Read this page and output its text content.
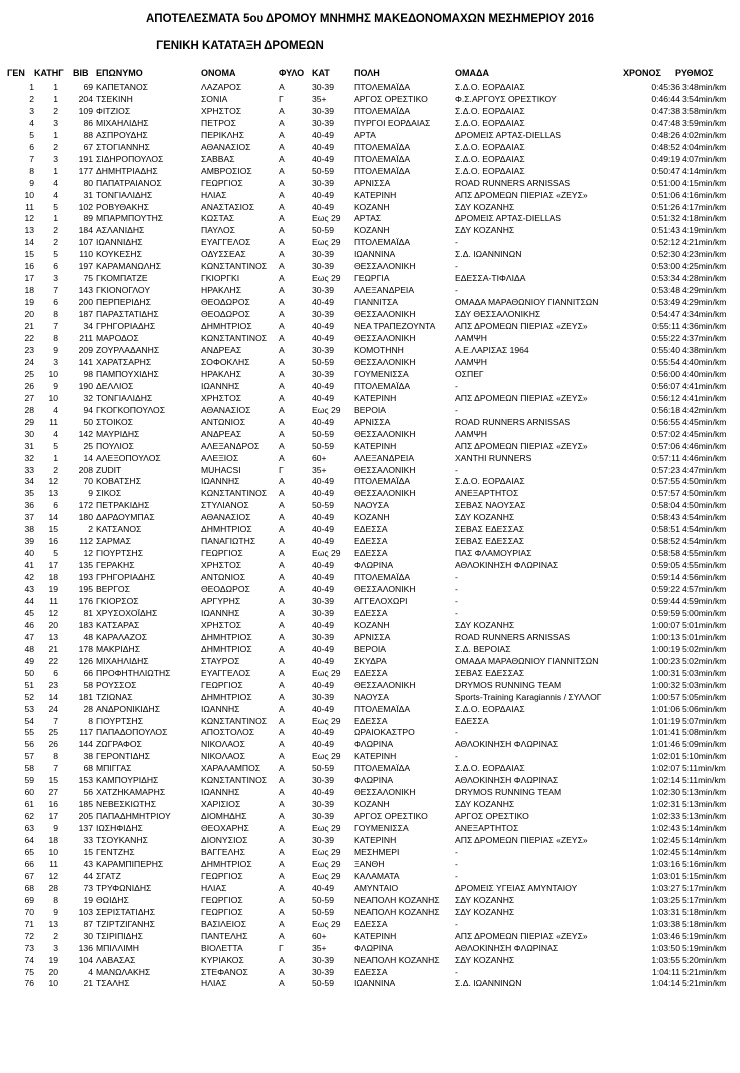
ΑΠΟΤΕΛΕΣΜΑΤΑ 5ου ΔΡΟΜΟΥ ΜΝΗΜΗΣ ΜΑΚΕΔΟΝΟΜΑΧΩΝ ΜΕΣΗΜΕΡΙΟΥ 2016
ΓΕΝΙΚΗ ΚΑΤΑΤΑΞΗ ΔΡΟΜΕΩΝ
ΓΕΝ ΚΑΤΗΓ ΒΙΒ ΕΠΩΝΥΜΟ	ΟΝΟΜΑ	ΦΥΛΟ ΚΑΤ	ΠΟΛΗ	ΟΜΑΔΑ	ΧΡΟΝΟΣ ΡΥΘΜΟΣ
1	1	69 ΚΑΠΕΤΑΝΟΣ	ΛΑΖΑΡΟΣ	Α	30-39	ΠΤΟΛΕΜΑΪΔΑ	Σ.Δ.Ο. ΕΟΡΔΑΙΑΣ	0:45:36 3:48min/km
2	1	204 ΤΣΕΚΙΝΗ	ΣΟΝΙΑ	Γ	35+	ΑΡΓΟΣ ΟΡΕΣΤΙΚΟ	Φ.Σ.ΑΡΓΟΥΣ ΟΡΕΣΤΙΚΟΥ	0:46:44 3:54min/km
3	2	109 ΦΙΤΖΙΟΣ	ΧΡΗΣΤΟΣ	Α	30-39	ΠΤΟΛΕΜΑΪΔΑ	Σ.Δ.Ο. ΕΟΡΔΑΙΑΣ	0:47:38 3:58min/km
4	3	86 ΜΙΧΑΗΛΙΔΗΣ	ΠΕΤΡΟΣ	Α	30-39	ΠΥΡΓΟΙ ΕΟΡΔΑΙΑΣ	Σ.Δ.Ο. ΕΟΡΔΑΙΑΣ	0:47:48 3:59min/km
5	1	88 ΑΣΠΡΟΥΔΗΣ	ΠΕΡΙΚΛΗΣ	Α	40-49	ΑΡΤΑ	ΔΡΟΜΕΙΣ ΑΡΤΑΣ-DIELLAS	0:48:26 4:02min/km
6	2	67 ΣΤΟΓΙΑΝΝΗΣ	ΑΘΑΝΑΣΙΟΣ	Α	40-49	ΠΤΟΛΕΜΑΪΔΑ	Σ.Δ.Ο. ΕΟΡΔΑΙΑΣ	0:48:52 4:04min/km
7	3	191 ΣΙΔΗΡΟΠΟΥΛΟΣ	ΣΑΒΒΑΣ	Α	40-49	ΠΤΟΛΕΜΑΪΔΑ	Σ.Δ.Ο. ΕΟΡΔΑΙΑΣ	0:49:19 4:07min/km
8	1	177 ΔΗΜΗΤΡΙΑΔΗΣ	ΑΜΒΡΟΣΙΟΣ	Α	50-59	ΠΤΟΛΕΜΑΪΔΑ	Σ.Δ.Ο. ΕΟΡΔΑΙΑΣ	0:50:47 4:14min/km
9	4	80 ΠΑΠΑΤΡΑΙΑΝΟΣ	ΓΕΩΡΓΙΟΣ	Α	30-39	ΑΡΝΙΣΣΑ	ROAD RUNNERS ARNISSAS	0:51:00 4:15min/km
10	4	31 ΤΟΝΓΙΑΛΙΔΗΣ	ΗΛΙΑΣ	Α	40-49	ΚΑΤΕΡΙΝΗ	ΑΠΣ ΔΡΟΜΕΩΝ ΠΙΕΡΙΑΣ «ΖΕΥΣ»	0:51:06 4:16min/km
11	5	102 ΡΟΒΥΘΑΚΗΣ	ΑΝΑΣΤΑΣΙΟΣ	Α	40-49	ΚΟΖΑΝΗ	ΣΔΥ ΚΟΖΑΝΗΣ	0:51:26 4:17min/km
12	1	89 ΜΠΑΡΜΠΟΥΤΗΣ	ΚΩΣΤΑΣ	Α	Εως 29	ΑΡΤΑΣ	ΔΡΟΜΕΙΣ ΑΡΤΑΣ-DIELLAS	0:51:32 4:18min/km
13	2	184 ΑΣΛΑΝΙΔΗΣ	ΠΑΥΛΟΣ	Α	50-59	ΚΟΖΑΝΗ	ΣΔΥ ΚΟΖΑΝΗΣ	0:51:43 4:19min/km
14	2	107 ΙΩΑΝΝΙΔΗΣ	ΕΥΑΓΓΕΛΟΣ	Α	Εως 29	ΠΤΟΛΕΜΑΪΔΑ	-	0:52:12 4:21min/km
15	5	110 ΚΟΥΚΕΣΗΣ	ΟΔΥΣΣΕΑΣ	Α	30-39	ΙΩΑΝΝΙΝΑ	Σ.Δ. ΙΩΑΝΝΙΝΩΝ	0:52:30 4:23min/km
16	6	197 ΚΑΡΑΜΑΝΩΛΗΣ	ΚΩΝΣΤΑΝΤΙΝΟΣ	Α	30-39	ΘΕΣΣΑΛΟΝΙΚΗ	-	0:53:00 4:25min/km
17	3	75 ΓΚΟΜΠΑΤΖΕ	ΓΚΙΟΡΓΚΙ	Α	Εως 29	ΓΕΩΡΓΙΑ	ΕΔΕΣΣΑ-ΤΙΦΛΙΔΑ	0:53:34 4:28min/km
18	7	143 ΓΚΙΟΝΟΓΛΟΥ	ΗΡΑΚΛΗΣ	Α	30-39	ΑΛΕΞΑΝΔΡΕΙΑ	-	0:53:48 4:29min/km
19	6	200 ΠΕΡΠΕΡΙΔΗΣ	ΘΕΟΔΩΡΟΣ	Α	40-49	ΓΙΑΝΝΙΤΣΑ	ΟΜΑΔΑ ΜΑΡΑΘΩΝΙΟΥ ΓΙΑΝΝΙΤΣΩΝ	0:53:49 4:29min/km
20	8	187 ΠΑΡΑΣΤΑΤΙΔΗΣ	ΘΕΟΔΩΡΟΣ	Α	30-39	ΘΕΣΣΑΛΟΝΙΚΗ	ΣΔΥ ΘΕΣΣΑΛΟΝΙΚΗΣ	0:54:47 4:34min/km
21	7	34 ΓΡΗΓΟΡΙΑΔΗΣ	ΔΗΜΗΤΡΙΟΣ	Α	40-49	ΝΕΑ ΤΡΑΠΕΖΟΥΝΤΑ	ΑΠΣ ΔΡΟΜΕΩΝ ΠΙΕΡΙΑΣ «ΖΕΥΣ»	0:55:11 4:36min/km
22	8	211 ΜΑΡΟΔΟΣ	ΚΩΝΣΤΑΝΤΙΝΟΣ	Α	40-49	ΘΕΣΣΑΛΟΝΙΚΗ	ΛΑΜΨΗ	0:55:22 4:37min/km
23	9	209 ΖΟΥΡΛΑΔΑΝΗΣ	ΑΝΔΡΕΑΣ	Α	30-39	ΚΟΜΟΤΗΝΗ	Α.Ε.ΛΑΡΙΣΑΣ 1964	0:55:40 4:38min/km
24	3	141 ΧΑΡΑΤΣΑΡΗΣ	ΣΟΦΟΚΛΗΣ	Α	50-59	ΘΕΣΣΑΛΟΝΙΚΗ	ΛΑΜΨΗ	0:55:54 4:40min/km
25	10	98 ΠΑΜΠΟΥΧΙΔΗΣ	ΗΡΑΚΛΗΣ	Α	30-39	ΓΟΥΜΕΝΙΣΣΑ	ΟΣΠΕΓ	0:56:00 4:40min/km
26	9	190 ΔΕΛΛΙΟΣ	ΙΩΑΝΝΗΣ	Α	40-49	ΠΤΟΛΕΜΑΪΔΑ	-	0:56:07 4:41min/km
27	10	32 ΤΟΝΓΙΑΛΙΔΗΣ	ΧΡΗΣΤΟΣ	Α	40-49	ΚΑΤΕΡΙΝΗ	ΑΠΣ ΔΡΟΜΕΩΝ ΠΙΕΡΙΑΣ «ΖΕΥΣ»	0:56:12 4:41min/km
28	4	94 ΓΚΟΓΚΟΠΟΥΛΟΣ	ΑΘΑΝΑΣΙΟΣ	Α	Εως 29	ΒΕΡΟΙΑ	-	0:56:18 4:42min/km
29	11	50 ΣΤΟΙΚΟΣ	ΑΝΤΩΝΙΟΣ	Α	40-49	ΑΡΝΙΣΣΑ	ROAD RUNNERS ARNISSAS	0:56:55 4:45min/km
30	4	142 ΜΑΥΡΙΔΗΣ	ΑΝΔΡΕΑΣ	Α	50-59	ΘΕΣΣΑΛΟΝΙΚΗ	ΛΑΜΨΗ	0:57:02 4:45min/km
31	5	25 ΠΟΥΛΙΟΣ	ΑΛΕΞΑΝΔΡΟΣ	Α	50-59	ΚΑΤΕΡΙΝΗ	ΑΠΣ ΔΡΟΜΕΩΝ ΠΙΕΡΙΑΣ «ΖΕΥΣ»	0:57:06 4:46min/km
32	1	14 ΑΛΕΞΟΠΟΥΛΟΣ	ΑΛΕΞΙΟΣ	Α	60+	ΑΛΕΞΑΝΔΡΕΙΑ	XANTHI RUNNERS	0:57:11 4:46min/km
33	2	208 ZUDIT	MUHACSI	Γ	35+	ΘΕΣΣΑΛΟΝΙΚΗ	-	0:57:23 4:47min/km
34	12	70 ΚΟΒΑΤΣΗΣ	ΙΩΑΝΝΗΣ	Α	40-49	ΠΤΟΛΕΜΑΪΔΑ	Σ.Δ.Ο. ΕΟΡΔΑΙΑΣ	0:57:55 4:50min/km
35	13	9 ΣΙΚΟΣ	ΚΩΝΣΤΑΝΤΙΝΟΣ	Α	40-49	ΘΕΣΣΑΛΟΝΙΚΗ	ΑΝΕΞΑΡΤΗΤΟΣ	0:57:57 4:50min/km
36	6	172 ΠΕΤΡΑΚΙΔΗΣ	ΣΤΥΛΙΑΝΟΣ	Α	50-59	ΝΑΟΥΣΑ	ΣΕΒΑΣ ΝΑΟΥΣΑΣ	0:58:04 4:50min/km
37	14	180 ΔΑΡΔΟΥΜΠΑΣ	ΑΘΑΝΑΣΙΟΣ	Α	40-49	ΚΟΖΑΝΗ	ΣΔΥ ΚΟΖΑΝΗΣ	0:58:43 4:54min/km
38	15	2 ΚΑΤΣΑΝΟΣ	ΔΗΜΗΤΡΙΟΣ	Α	40-49	ΕΔΕΣΣΑ	ΣΕΒΑΣ ΕΔΕΣΣΑΣ	0:58:51 4:54min/km
39	16	112 ΣΑΡΜΑΣ	ΠΑΝΑΓΙΩΤΗΣ	Α	40-49	ΕΔΕΣΣΑ	ΣΕΒΑΣ ΕΔΕΣΣΑΣ	0:58:52 4:54min/km
40	5	12 ΓΙΟΥΡΤΣΗΣ	ΓΕΩΡΓΙΟΣ	Α	Εως 29	ΕΔΕΣΣΑ	ΠΑΣ ΦΛΑΜΟΥΡΙΑΣ	0:58:58 4:55min/km
41	17	135 ΓΕΡΑΚΗΣ	ΧΡΗΣΤΟΣ	Α	40-49	ΦΛΩΡΙΝΑ	ΑΘΛΟΚΙΝΗΣΗ ΦΛΩΡΙΝΑΣ	0:59:05 4:55min/km
42	18	193 ΓΡΗΓΟΡΙΑΔΗΣ	ΑΝΤΩΝΙΟΣ	Α	40-49	ΠΤΟΛΕΜΑΪΔΑ	-	0:59:14 4:56min/km
43	19	195 ΒΕΡΓΟΣ	ΘΕΟΔΩΡΟΣ	Α	40-49	ΘΕΣΣΑΛΟΝΙΚΗ	-	0:59:22 4:57min/km
44	11	176 ΓΚΙΟΡΣΟΣ	ΑΡΓΥΡΗΣ	Α	30-39	ΑΓΓΕΛΟΧΩΡΙ	-	0:59:44 4:59min/km
45	12	81 ΧΡΥΣΟΧΟΪΔΗΣ	ΙΩΑΝΝΗΣ	Α	30-39	ΕΔΕΣΣΑ	-	0:59:59 5:00min/km
46	20	183 ΚΑΤΣΑΡΑΣ	ΧΡΗΣΤΟΣ	Α	40-49	ΚΟΖΑΝΗ	ΣΔΥ ΚΟΖΑΝΗΣ	1:00:07 5:01min/km
47	13	48 ΚΑΡΑΛΑΖΟΣ	ΔΗΜΗΤΡΙΟΣ	Α	30-39	ΑΡΝΙΣΣΑ	ROAD RUNNERS ARNISSAS	1:00:13 5:01min/km
48	21	178 ΜΑΚΡΙΔΗΣ	ΔΗΜΗΤΡΙΟΣ	Α	40-49	ΒΕΡΟΙΑ	Σ.Δ. ΒΕΡΟΙΑΣ	1:00:19 5:02min/km
49	22	126 ΜΙΧΑΗΛΙΔΗΣ	ΣΤΑΥΡΟΣ	Α	40-49	ΣΚΥΔΡΑ	ΟΜΑΔΑ ΜΑΡΑΘΩΝΙΟΥ ΓΙΑΝΝΙΤΣΩΝ	1:00:23 5:02min/km
50	6	66 ΠΡΟΦΗΤΗΛΙΩΤΗΣ	ΕΥΑΓΓΕΛΟΣ	Α	Εως 29	ΕΔΕΣΣΑ	ΣΕΒΑΣ ΕΔΕΣΣΑΣ	1:00:31 5:03min/km
51	23	58 ΡΟΥΣΣΟΣ	ΓΕΩΡΓΙΟΣ	Α	40-49	ΘΕΣΣΑΛΟΝΙΚΗ	DRYMOS RUNNING TEAM	1:00:32 5:03min/km
52	14	181 ΤΖΙΩΝΑΣ	ΔΗΜΗΤΡΙΟΣ	Α	30-39	ΝΑΟΥΣΑ	Sports-Training Karagiannis / ΣΥΛΛΟΓ	1:00:57 5:05min/km
53	24	28 ΑΝΔΡΟΝΙΚΙΔΗΣ	ΙΩΑΝΝΗΣ	Α	40-49	ΠΤΟΛΕΜΑΪΔΑ	Σ.Δ.Ο. ΕΟΡΔΑΙΑΣ	1:01:06 5:06min/km
54	7	8 ΓΙΟΥΡΤΣΗΣ	ΚΩΝΣΤΑΝΤΙΝΟΣ	Α	Εως 29	ΕΔΕΣΣΑ	ΕΔΕΣΣΑ	1:01:19 5:07min/km
55	25	117 ΠΑΠΑΔΟΠΟΥΛΟΣ	ΑΠΟΣΤΟΛΟΣ	Α	40-49	ΩΡΑΙΟΚΑΣΤΡΟ	-	1:01:41 5:08min/km
56	26	144 ΖΩΓΡΑΦΟΣ	ΝΙΚΟΛΑΟΣ	Α	40-49	ΦΛΩΡΙΝΑ	ΑΘΛΟΚΙΝΗΣΗ ΦΛΩΡΙΝΑΣ	1:01:46 5:09min/km
57	8	38 ΓΕΡΟΝΤΙΔΗΣ	ΝΙΚΟΛΑΟΣ	Α	Εως 29	ΚΑΤΕΡΙΝΗ	-	1:02:01 5:10min/km
58	7	68 ΜΠΙΓΓΑΣ	ΧΑΡΑΛΑΜΠΟΣ	Α	50-59	ΠΤΟΛΕΜΑΪΔΑ	Σ.Δ.Ο. ΕΟΡΔΑΙΑΣ	1:02:07 5:11min/km
59	15	153 ΚΑΜΠΟΥΡΙΔΗΣ	ΚΩΝΣΤΑΝΤΙΝΟΣ	Α	30-39	ΦΛΩΡΙΝΑ	ΑΘΛΟΚΙΝΗΣΗ ΦΛΩΡΙΝΑΣ	1:02:14 5:11min/km
60	27	56 ΧΑΤΖΗΚΑΜΑΡΗΣ	ΙΩΑΝΝΗΣ	Α	40-49	ΘΕΣΣΑΛΟΝΙΚΗ	DRYMOS RUNNING TEAM	1:02:30 5:13min/km
61	16	185 ΝΕΒΕΣΚΙΩΤΗΣ	ΧΑΡΙΣΙΟΣ	Α	30-39	ΚΟΖΑΝΗ	ΣΔΥ ΚΟΖΑΝΗΣ	1:02:31 5:13min/km
62	17	205 ΠΑΠΑΔΗΜΗΤΡΙΟΥ	ΔΙΟΜΗΔΗΣ	Α	30-39	ΑΡΓΟΣ ΟΡΕΣΤΙΚΟ	ΑΡΓΟΣ ΟΡΕΣΤΙΚΟ	1:02:33 5:13min/km
63	9	137 ΙΩΣΗΦΙΔΗΣ	ΘΕΟΧΑΡΗΣ	Α	Εως 29	ΓΟΥΜΕΝΙΣΣΑ	ΑΝΕΞΑΡΤΗΤΟΣ	1:02:43 5:14min/km
64	18	33 ΤΣΟΥΚΑΝΗΣ	ΔΙΟΝΥΣΙΟΣ	Α	30-39	ΚΑΤΕΡΙΝΗ	ΑΠΣ ΔΡΟΜΕΩΝ ΠΙΕΡΙΑΣ «ΖΕΥΣ»	1:02:45 5:14min/km
65	10	15 ΓΕΝΤΖΗΣ	ΒΑΓΓΕΛΗΣ	Α	Εως 29	ΜΕΣΗΜΕΡΙ	-	1:02:45 5:14min/km
66	11	43 ΚΑΡΑΜΠΙΠΕΡΗΣ	ΔΗΜΗΤΡΙΟΣ	Α	Εως 29	ΞΑΝΘΗ	-	1:03:16 5:16min/km
67	12	44 ΣΓΑΤΖ	ΓΕΩΡΓΙΟΣ	Α	Εως 29	ΚΑΛΑΜΑΤΑ	-	1:03:01 5:15min/km
68	28	73 ΤΡΥΦΩΝΙΔΗΣ	ΗΛΙΑΣ	Α	40-49	ΑΜΥΝΤΑΙΟ	ΔΡΟΜΕΙΣ ΥΓΕΙΑΣ ΑΜΥΝΤΑΙΟΥ	1:03:27 5:17min/km
69	8	19 ΘΩΙΔΗΣ	ΓΕΩΡΓΙΟΣ	Α	50-59	ΝΕΑΠΟΛΗ ΚΟΖΑΝΗΣ	ΣΔΥ ΚΟΖΑΝΗΣ	1:03:25 5:17min/km
70	9	103 ΣΕΡΙΣΤΑΤΙΔΗΣ	ΓΕΩΡΓΙΟΣ	Α	50-59	ΝΕΑΠΟΛΗ ΚΟΖΑΝΗΣ	ΣΔΥ ΚΟΖΑΝΗΣ	1:03:31 5:18min/km
71	13	87 ΤΖΙΡΤΖΙΓΑΝΗΣ	ΒΑΣΙΛΕΙΟΣ	Α	Εως 29	ΕΔΕΣΣΑ	-	1:03:38 5:18min/km
72	2	30 ΤΣΙΡΙΠΙΔΗΣ	ΠΑΝΤΕΛΗΣ	Α	60+	ΚΑΤΕΡΙΝΗ	ΑΠΣ ΔΡΟΜΕΩΝ ΠΙΕΡΙΑΣ «ΖΕΥΣ»	1:03:46 5:19min/km
73	3	136 ΜΠΙΛΛΙΜΗ	ΒΙΟΛΕΤΤΑ	Γ	35+	ΦΛΩΡΙΝΑ	ΑΘΛΟΚΙΝΗΣΗ ΦΛΩΡΙΝΑΣ	1:03:50 5:19min/km
74	19	104 ΛΑΒΑΣΑΣ	ΚΥΡΙΑΚΟΣ	Α	30-39	ΝΕΑΠΟΛΗ ΚΟΖΑΝΗΣ	ΣΔΥ ΚΟΖΑΝΗΣ	1:03:55 5:20min/km
75	20	4 ΜΑΝΩΛΑΚΗΣ	ΣΤΕΦΑΝΟΣ	Α	30-39	ΕΔΕΣΣΑ	-	1:04:11 5:21min/km
76	10	21 ΤΣΑΛΗΣ	ΗΛΙΑΣ	Α	50-59	ΙΩΑΝΝΙΝΑ	Σ.Δ. ΙΩΑΝΝΙΝΩΝ	1:04:14 5:21min/km
